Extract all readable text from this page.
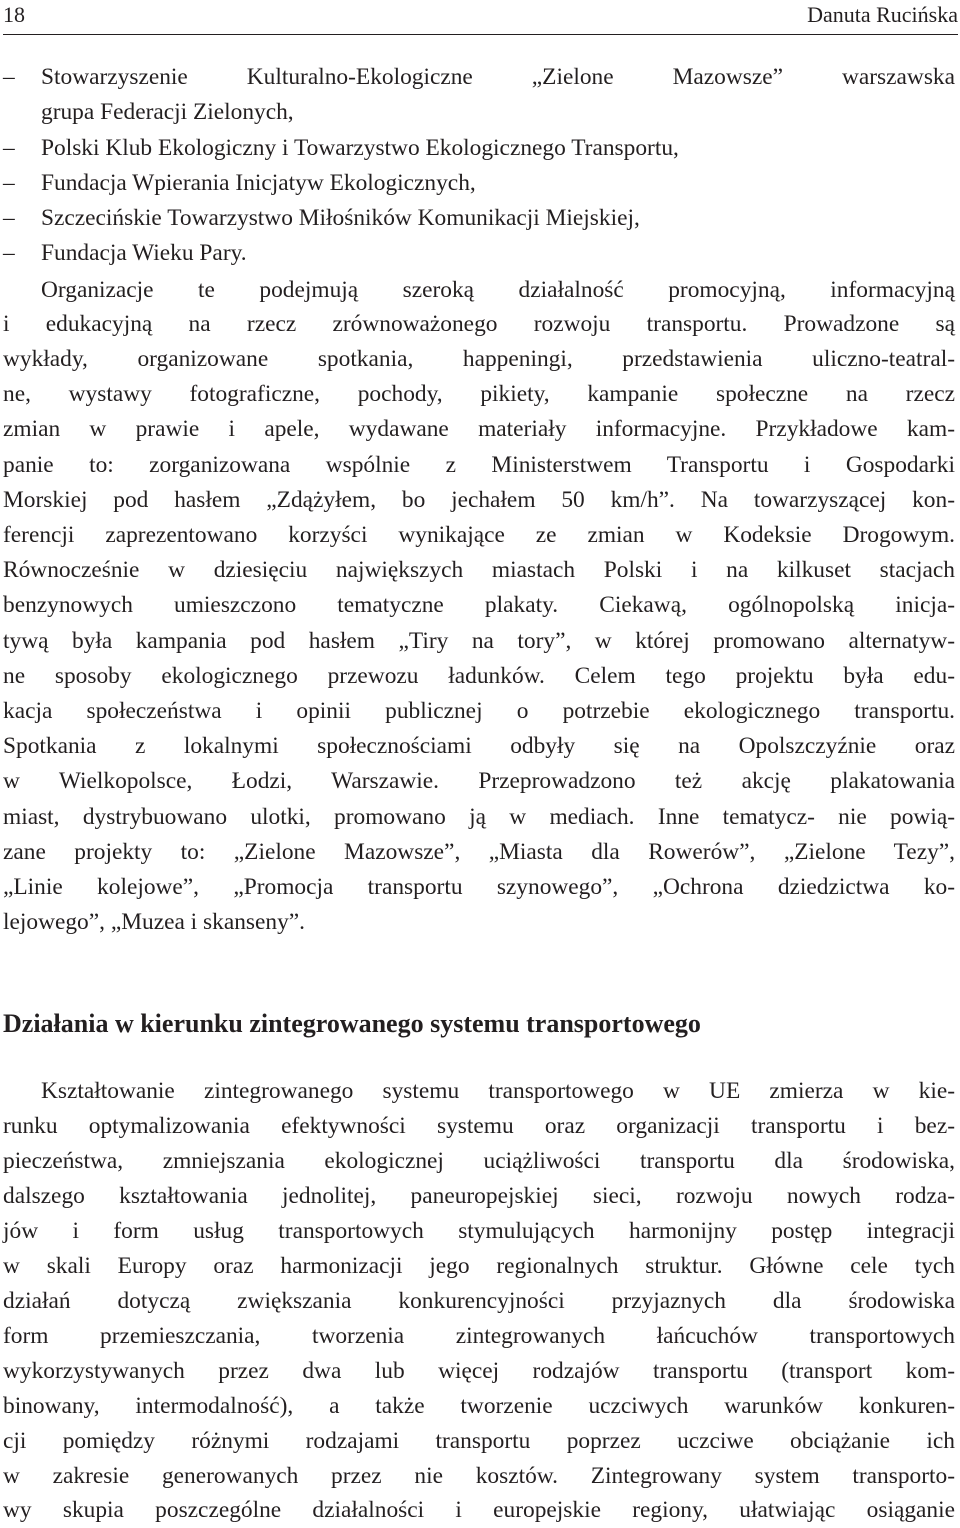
18	Danuta Rucińska
–	Stowarzyszenie Kulturalno-Ekologiczne „Zielone Mazowsze” warszawska
grupa Federacji Zielonych,
–	Polski Klub Ekologiczny i Towarzystwo Ekologicznego Transportu,
–	Fundacja Wpierania Inicjatyw Ekologicznych,
–	Szczecińskie Towarzystwo Miłośników Komunikacji Miejskiej,
–	Fundacja Wieku Pary.
Organizacje te podejmują szeroką działalność promocyjną, informacyjną
i edukacyjną na rzecz zrównoważonego rozwoju transportu. Prowadzone są
wykłady, organizowane spotkania, happeningi, przedstawienia uliczno-teatral-
ne, wystawy fotograficzne, pochody, pikiety, kampanie społeczne na rzecz
zmian w prawie i apele, wydawane materiały informacyjne. Przykładowe kam-
panie to: zorganizowana wspólnie z Ministerstwem Transportu i Gospodarki
Morskiej pod hasłem „Zdążyłem, bo jechałem 50 km/h”. Na towarzyszącej kon-
ferencji zaprezentowano korzyści wynikające ze zmian w Kodeksie Drogowym.
Równocześnie w dziesięciu największych miastach Polski i na kilkuset stacjach
benzynowych umieszczono tematyczne plakaty. Ciekawą, ogólnopolską inicja-
tywą była kampania pod hasłem „Tiry na tory”, w której promowano alternatyw-
ne sposoby ekologicznego przewozu ładunków. Celem tego projektu była edu-
kacja społeczeństwa i opinii publicznej o potrzebie ekologicznego transportu.
Spotkania z lokalnymi społecznościami odbyły się na Opolszczyźnie oraz
w Wielkopolsce, Łodzi, Warszawie. Przeprowadzono też akcję plakatowania
miast, dystrybuowano ulotki, promowano ją w mediach. Inne tematycz- nie powią-
zane projekty to: „Zielone Mazowsze”, „Miasta dla Rowerów”, „Zielone Tezy”,
„Linie kolejowe”, „Promocja transportu szynowego”, „Ochrona dziedzictwa ko-
lejowego”, „Muzea i skanseny”.
Działania w kierunku zintegrowanego systemu transportowego
Kształtowanie zintegrowanego systemu transportowego w UE zmierza w kie-
runku optymalizowania efektywności systemu oraz organizacji transportu i bez-
pieczeństwa, zmniejszania ekologicznej uciążliwości transportu dla środowiska,
dalszego kształtowania jednolitej, paneuropejskiej sieci, rozwoju nowych rodza-
jów i form usług transportowych stymulujących harmonijny postęp integracji
w skali Europy oraz harmonizacji jego regionalnych struktur. Główne cele tych
działań dotyczą zwiększania konkurencyjności przyjaznych dla środowiska
form przemieszczania, tworzenia zintegrowanych łańcuchów transportowych
wykorzystywanych przez dwa lub więcej rodzajów transportu (transport kom-
binowany, intermodalność), a także tworzenie uczciwych warunków konkuren-
cji pomiędzy różnymi rodzajami transportu poprzez uczciwe obciążanie ich
w zakresie generowanych przez nie kosztów. Zintegrowany system transporto-
wy skupia poszczególne działalności i europejskie regiony, ułatwiając osiąganie
